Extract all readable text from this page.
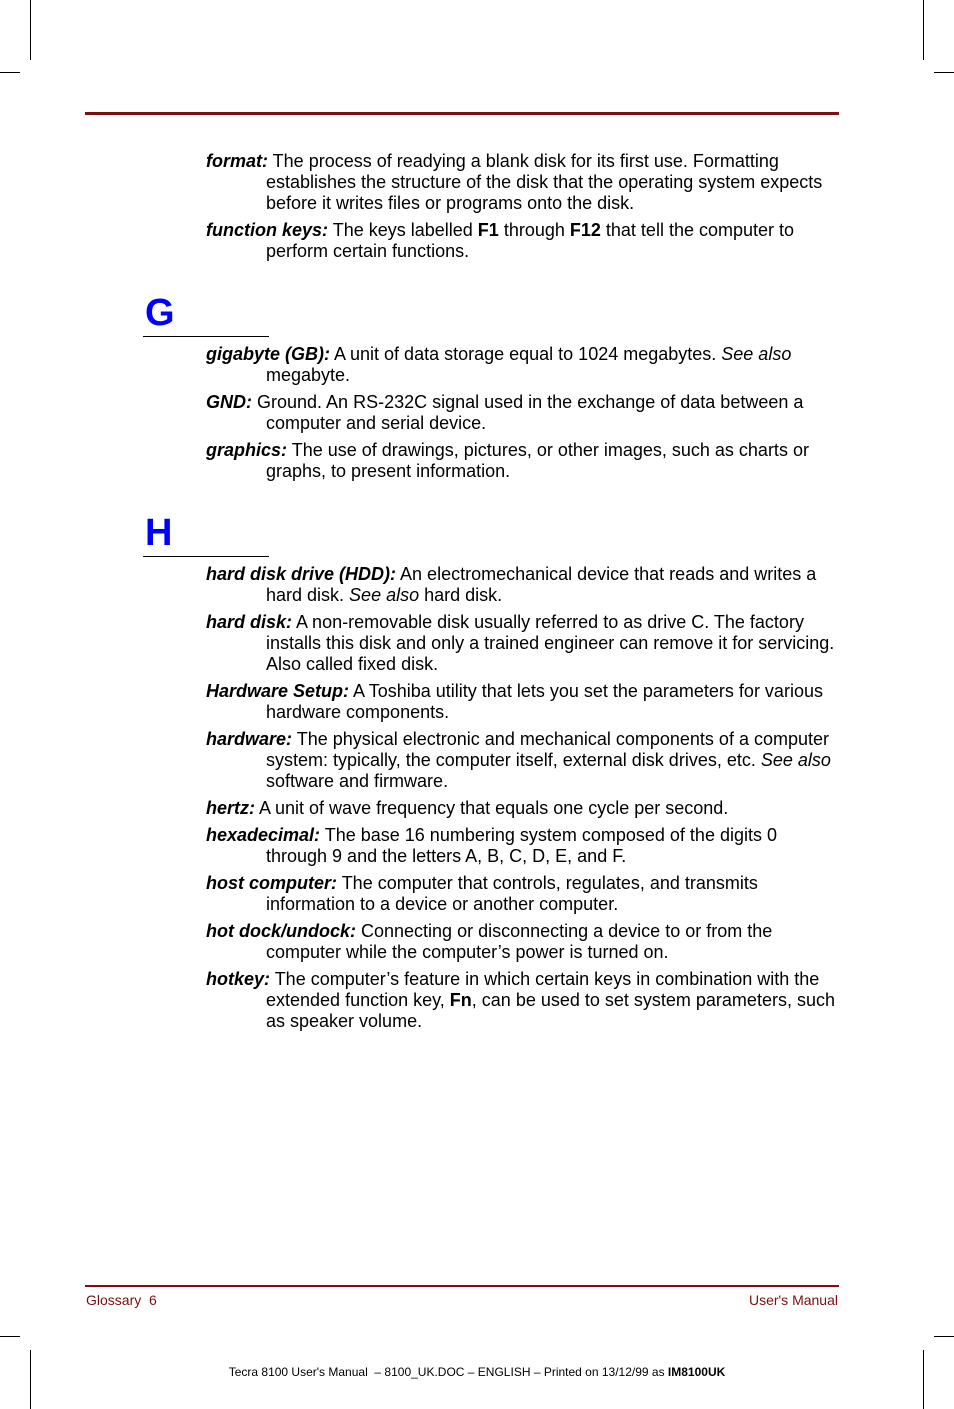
format: The process of readying a blank disk for its first use. Formatting establishes the structure of the disk that the operating system expects before it writes files or programs onto the disk.

function keys: The keys labelled F1 through F12 that tell the computer to perform certain functions.

G

gigabyte (GB): A unit of data storage equal to 1024 megabytes. See also megabyte.

GND: Ground. An RS-232C signal used in the exchange of data between a computer and serial device.

graphics: The use of drawings, pictures, or other images, such as charts or graphs, to present information.

H

hard disk drive (HDD): An electromechanical device that reads and writes a hard disk. See also hard disk.

hard disk: A non-removable disk usually referred to as drive C. The factory installs this disk and only a trained engineer can remove it for servicing. Also called fixed disk.

Hardware Setup: A Toshiba utility that lets you set the parameters for various hardware components.

hardware: The physical electronic and mechanical components of a computer system: typically, the computer itself, external disk drives, etc. See also software and firmware.

hertz: A unit of wave frequency that equals one cycle per second.

hexadecimal: The base 16 numbering system composed of the digits 0 through 9 and the letters A, B, C, D, E, and F.

host computer: The computer that controls, regulates, and transmits information to a device or another computer.

hot dock/undock: Connecting or disconnecting a device to or from the computer while the computer’s power is turned on.

hotkey: The computer’s feature in which certain keys in combination with the extended function key, Fn, can be used to set system parameters, such as speaker volume.

Glossary  6	User's Manual
Tecra 8100 User's Manual  – 8100_UK.DOC – ENGLISH – Printed on 13/12/99 as IM8100UK
